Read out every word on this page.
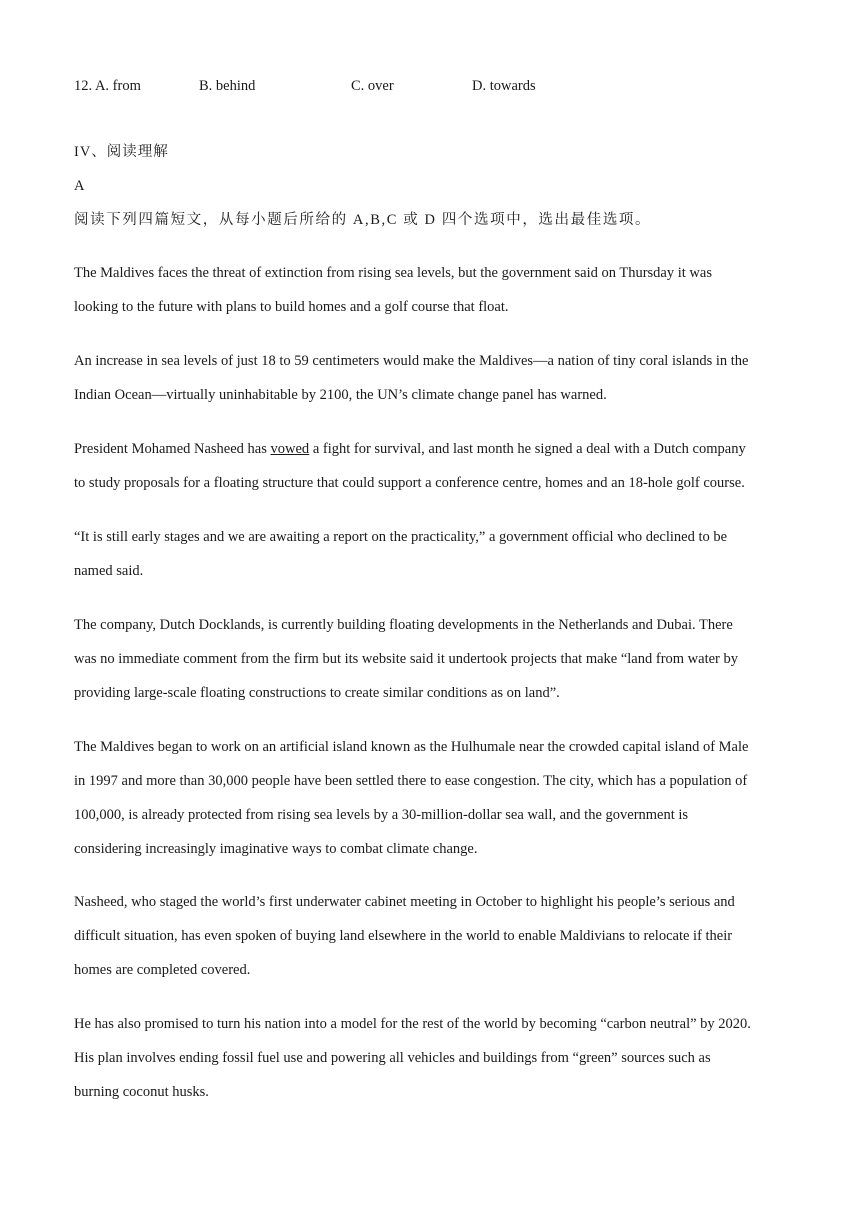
12. A. from	B. behind	C. over	D. towards
IV、阅读理解
A
阅读下列四篇短文，从每小题后所给的 A,B,C 或 D 四个选项中，选出最佳选项。

The Maldives faces the threat of extinction from rising sea levels, but the government said on Thursday it was
looking to the future with plans to build homes and a golf course that float.

An increase in sea levels of just 18 to 59 centimeters would make the Maldives—a nation of tiny coral islands in the
Indian Ocean—virtually uninhabitable by 2100, the UN’s climate change panel has warned.

President Mohamed Nasheed has vowed a fight for survival, and last month he signed a deal with a Dutch company
to study proposals for a floating structure that could support a conference centre, homes and an 18-hole golf course.

“It is still early stages and we are awaiting a report on the practicality,” a government official who declined to be
named said.

The company, Dutch Docklands, is currently building floating developments in the Netherlands and Dubai. There
was no immediate comment from the firm but its website said it undertook projects that make “land from water by
providing large-scale floating constructions to create similar conditions as on land”.

The Maldives began to work on an artificial island known as the Hulhumale near the crowded capital island of Male
in 1997 and more than 30,000 people have been settled there to ease congestion. The city, which has a population of
100,000, is already protected from rising sea levels by a 30-million-dollar sea wall, and the government is
considering increasingly imaginative ways to combat climate change.

Nasheed, who staged the world’s first underwater cabinet meeting in October to highlight his people’s serious and
difficult situation, has even spoken of buying land elsewhere in the world to enable Maldivians to relocate if their
homes are completed covered.

He has also promised to turn his nation into a model for the rest of the world by becoming “carbon neutral” by 2020.
His plan involves ending fossil fuel use and powering all vehicles and buildings from “green” sources such as
burning coconut husks.
